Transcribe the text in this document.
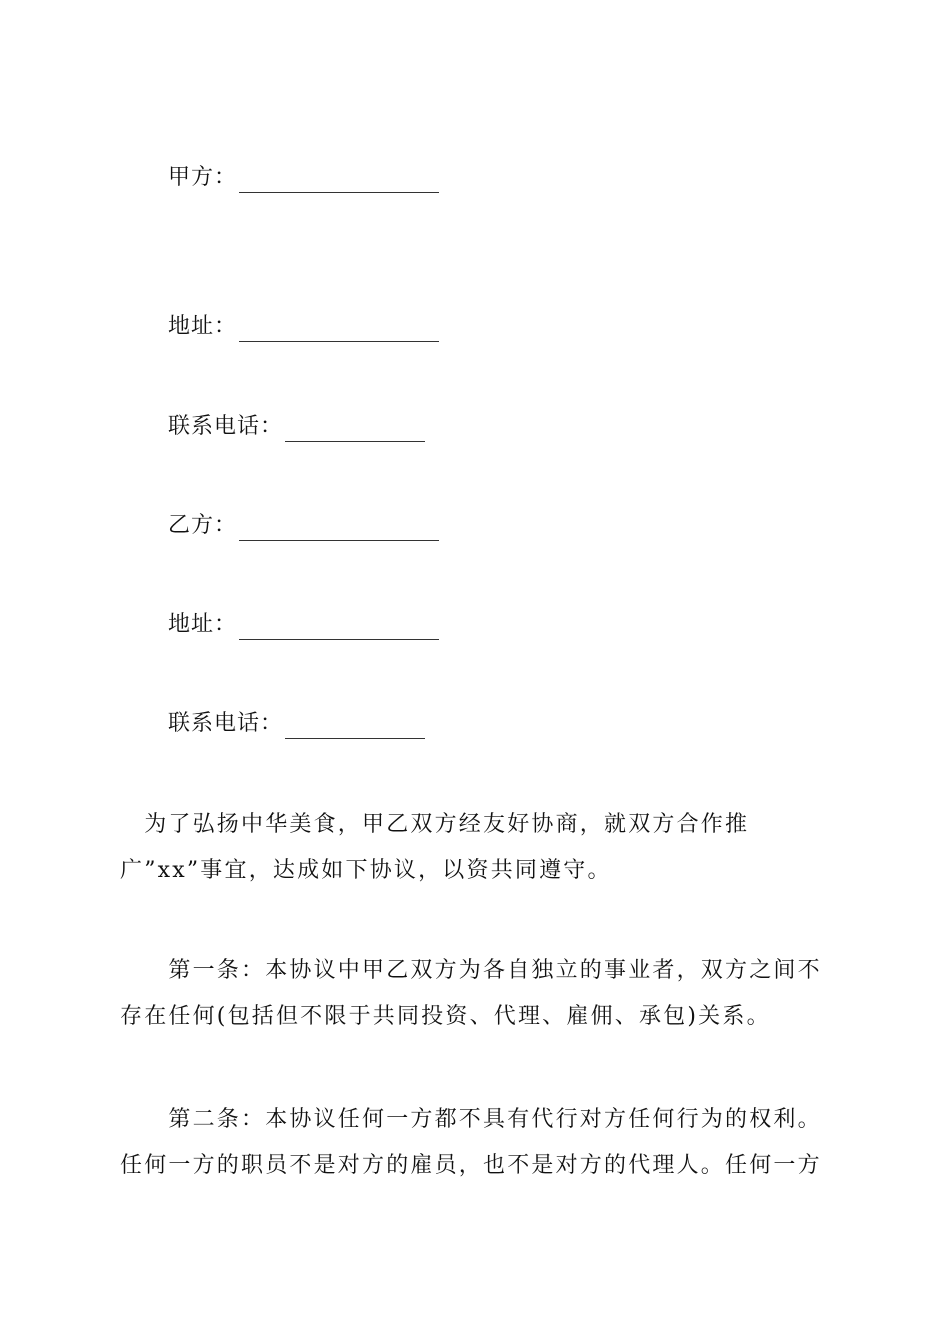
甲方：
地址：
联系电话：
乙方：
地址：
联系电话：
　为了弘扬中华美食，甲乙双方经友好协商，就双方合作推
广”xx”事宜，达成如下协议，以资共同遵守。
　　第一条：本协议中甲乙双方为各自独立的事业者，双方之间不
存在任何(包括但不限于共同投资、代理、雇佣、承包)关系。
　　第二条：本协议任何一方都不具有代行对方任何行为的权利。
任何一方的职员不是对方的雇员，也不是对方的代理人。任何一方
